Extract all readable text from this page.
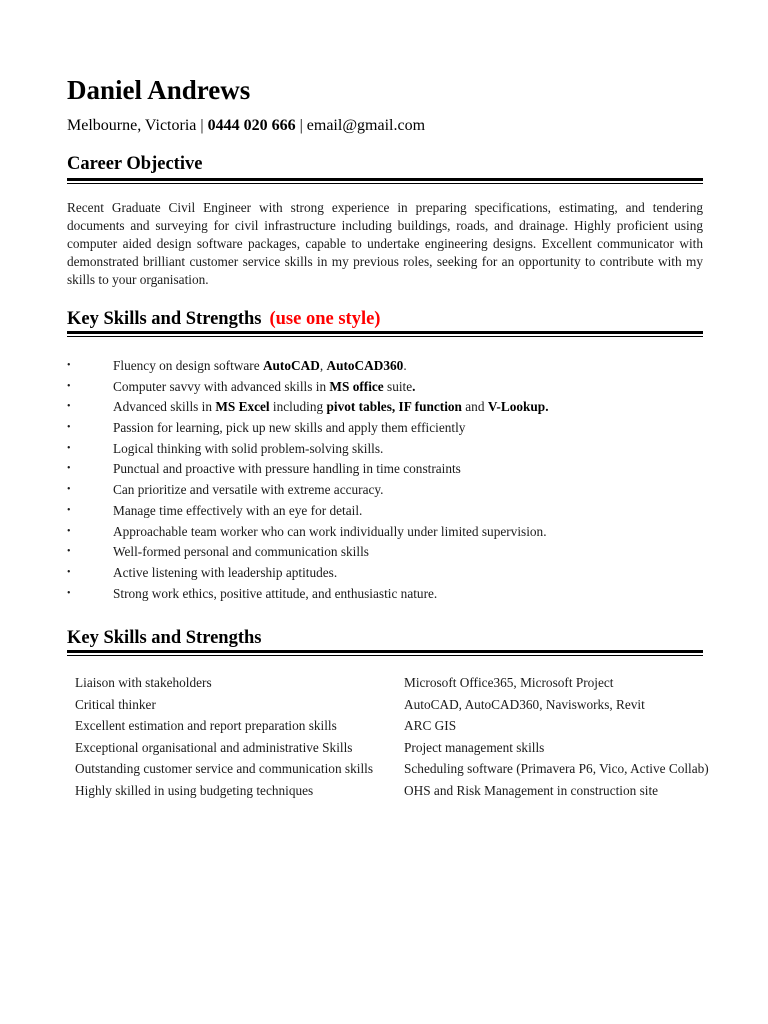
Daniel Andrews
Melbourne, Victoria | 0444 020 666 | email@gmail.com
Career Objective
Recent Graduate Civil Engineer with strong experience in preparing specifications, estimating, and tendering documents and surveying for civil infrastructure including buildings, roads, and drainage. Highly proficient using computer aided design software packages, capable to undertake engineering designs. Excellent communicator with demonstrated brilliant customer service skills in my previous roles, seeking for an opportunity to contribute with my skills to your organisation.
Key Skills and Strengths (use one style)
•	Fluency on design software AutoCAD, AutoCAD360.
•	Computer savvy with advanced skills in MS office suite.
•	Advanced skills in MS Excel including pivot tables, IF function and V-Lookup.
•	Passion for learning, pick up new skills and apply them efficiently
•	Logical thinking with solid problem-solving skills.
•	Punctual and proactive with pressure handling in time constraints
•	Can prioritize and versatile with extreme accuracy.
•	Manage time effectively with an eye for detail.
•	Approachable team worker who can work individually under limited supervision.
•	Well-formed personal and communication skills
•	Active listening with leadership aptitudes.
•	Strong work ethics, positive attitude, and enthusiastic nature.
Key Skills and Strengths
Liaison with stakeholders	Microsoft Office365, Microsoft Project
Critical thinker	AutoCAD, AutoCAD360, Navisworks, Revit
Excellent estimation and report preparation skills	ARC GIS
Exceptional organisational and administrative Skills	Project management skills
Outstanding customer service and communication skills	Scheduling software (Primavera P6, Vico, Active Collab)
Highly skilled in using budgeting techniques	OHS and Risk Management in construction site
